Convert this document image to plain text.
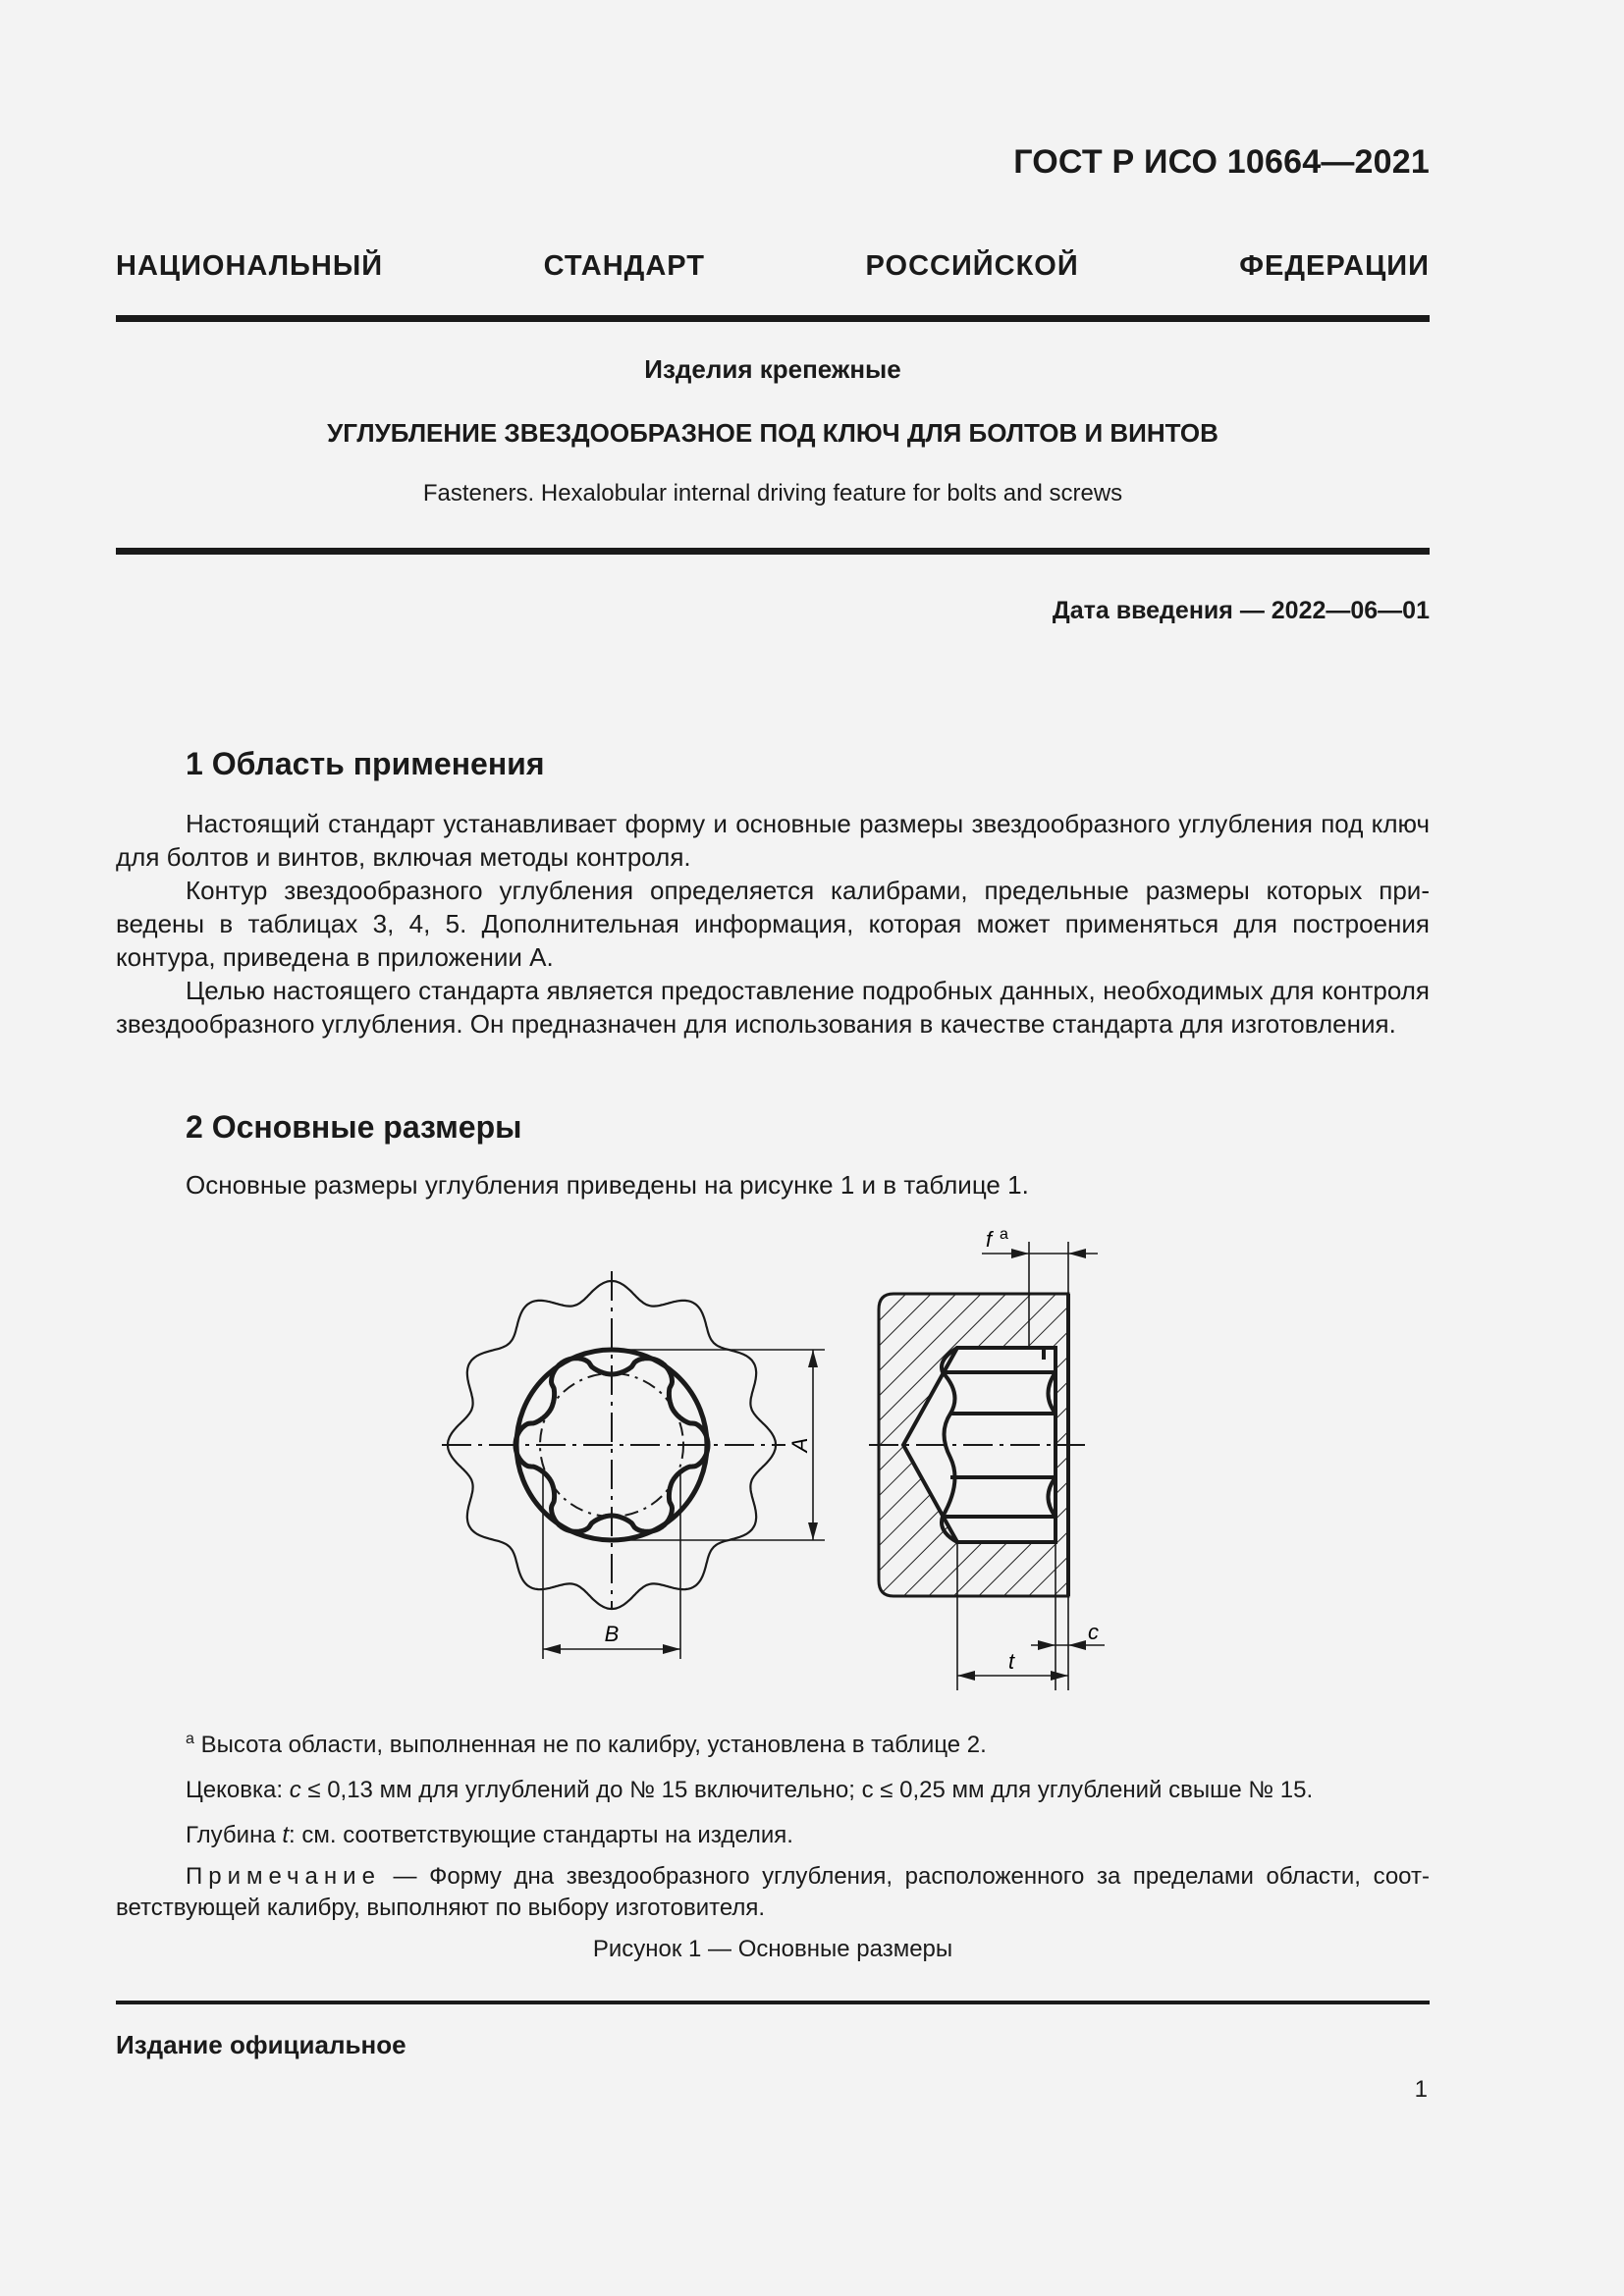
ГОСТ Р ИСО 10664—2021
НАЦИОНАЛЬНЫЙ СТАНДАРТ РОССИЙСКОЙ ФЕДЕРАЦИИ
Изделия крепежные
УГЛУБЛЕНИЕ ЗВЕЗДООБРАЗНОЕ ПОД КЛЮЧ ДЛЯ БОЛТОВ И ВИНТОВ
Fasteners. Hexalobular internal driving feature for bolts and screws
Дата введения — 2022—06—01
1 Область применения

Настоящий стандарт устанавливает форму и основные размеры звездообразного углубления под ключ для болтов и винтов, включая методы контроля.

Контур звездообразного углубления определяется калибрами, предельные размеры которых приведены в таблицах 3, 4, 5. Дополнительная информация, которая может применяться для построения контура, приведена в приложении А.

Целью настоящего стандарта является предоставление подробных данных, необходимых для контроля звездообразного углубления. Он предназначен для использования в качестве стандарта для изготовления.

2 Основные размеры
Основные размеры углубления приведены на рисунке 1 и в таблице 1.
A
B
f a
t
c

$^a$ Высота области, выполненная не по калибру, установлена в таблице 2.

Цековка: c ≤ 0,13 мм для углублений до № 15 включительно; c ≤ 0,25 мм для углублений свыше № 15.

Глубина t: см. соответствующие стандарты на изделия.

Примечание — Форму дна звездообразного углубления, расположенного за пределами области, соответствующей калибру, выполняют по выбору изготовителя.
Рисунок 1 — Основные размеры
Издание официальное
1
